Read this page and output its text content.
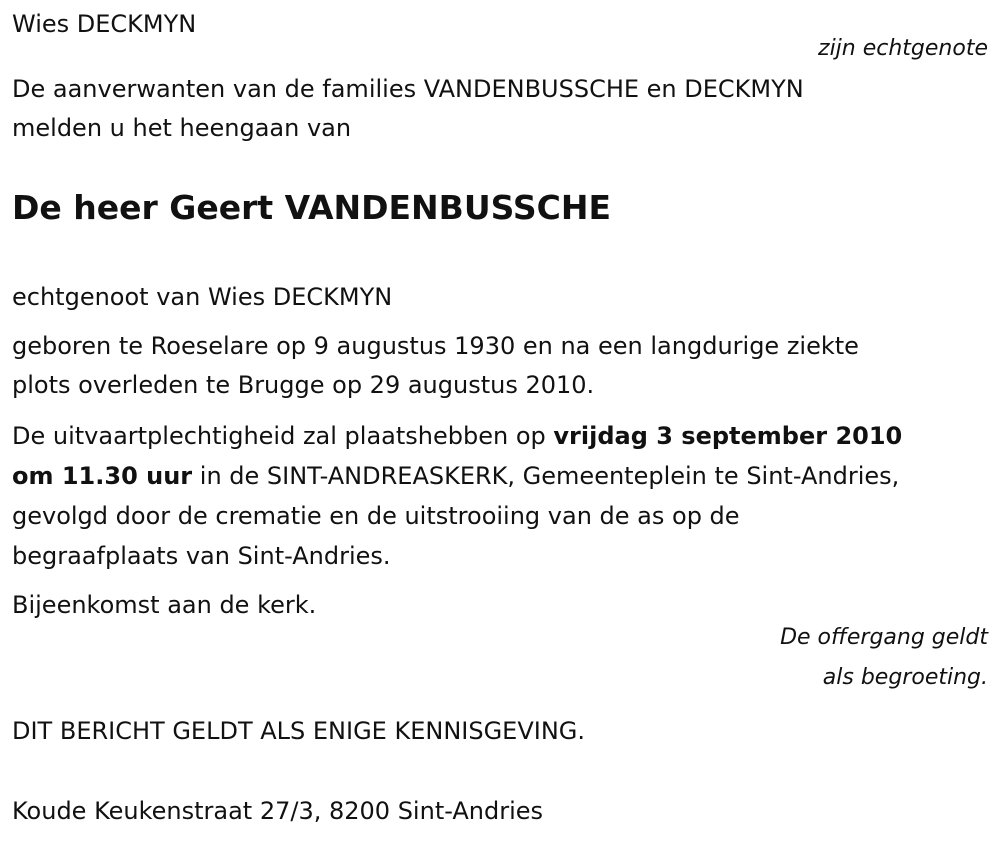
Wies DECKMYN

zijn echtgenote

De aanverwanten van de families VANDENBUSSCHE en DECKMYN

melden u het heengaan van

De heer Geert VANDENBUSSCHE

echtgenoot van Wies DECKMYN

geboren te Roeselare op 9 augustus 1930 en na een langdurige ziekte

plots overleden te Brugge op 29 augustus 2010.

De uitvaartplechtigheid zal plaatshebben op vrijdag 3 september 2010

om 11.30 uur in de SINT-ANDREASKERK, Gemeenteplein te Sint-Andries,

gevolgd door de crematie en de uitstrooiing van de as op de

begraafplaats van Sint-Andries.

Bijeenkomst aan de kerk.

De offergang geldt

als begroeting.

DIT BERICHT GELDT ALS ENIGE KENNISGEVING.

Koude Keukenstraat 27/3, 8200 Sint-Andries
